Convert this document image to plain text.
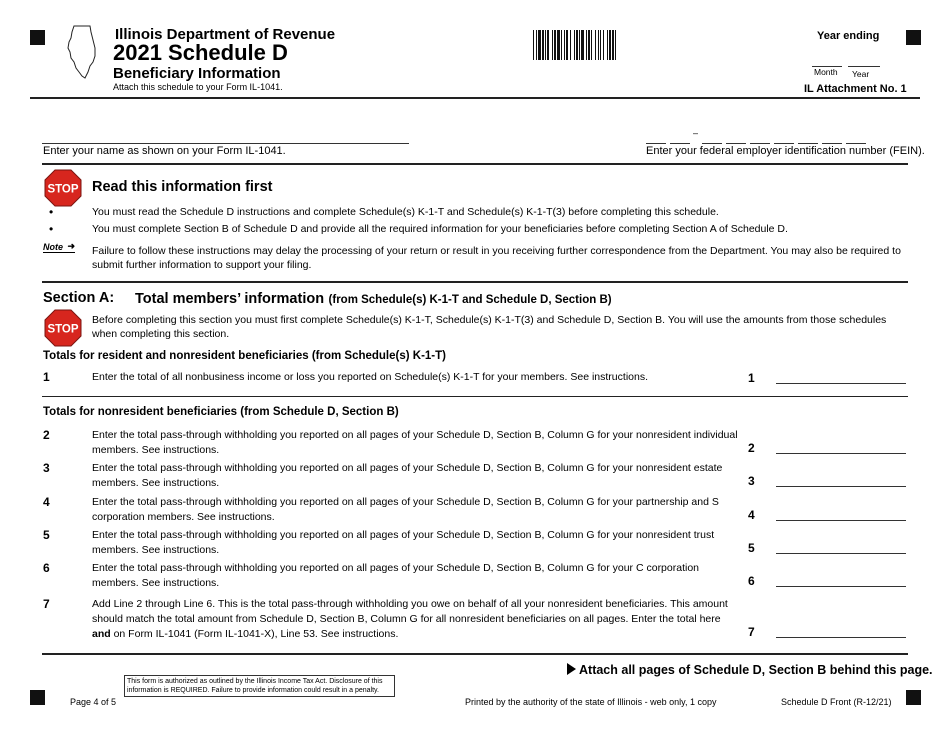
Illinois Department of Revenue
2021 Schedule D
Beneficiary Information
Attach this schedule to your Form IL-1041.
Year ending
Month Year
IL Attachment No. 1
Enter your name as shown on your Form IL-1041.
–
Enter your federal employer identification number (FEIN).
STOP Read this information first
•	You must read the Schedule D instructions and complete Schedule(s) K-1-T and Schedule(s) K-1-T(3) before completing this schedule.
•	You must complete Section B of Schedule D and provide all the required information for your beneficiaries before completing Section A of Schedule D.
Note ➜ Failure to follow these instructions may delay the processing of your return or result in you receiving further correspondence from the Department. You may also be required to submit further information to support your filing.
Section A: Total members’ information (from Schedule(s) K-1-T and Schedule D, Section B)
STOP
Before completing this section you must first complete Schedule(s) K-1-T, Schedule(s) K-1-T(3) and Schedule D, Section B. You will use the amounts from those schedules when completing this section.
Totals for resident and nonresident beneficiaries (from Schedule(s) K-1-T)
1	Enter the total of all nonbusiness income or loss you reported on Schedule(s) K-1-T for your members. See instructions.	1
Totals for nonresident beneficiaries (from Schedule D, Section B)
2	Enter the total pass-through withholding you reported on all pages of your Schedule D, Section B, Column G for your nonresident individual members. See instructions.	2
3	Enter the total pass-through withholding you reported on all pages of your Schedule D, Section B, Column G for your nonresident estate members. See instructions.	3
4	Enter the total pass-through withholding you reported on all pages of your Schedule D, Section B, Column G for your partnership and S corporation members. See instructions.	4
5	Enter the total pass-through withholding you reported on all pages of your Schedule D, Section B, Column G for your nonresident trust members. See instructions.	5
6	Enter the total pass-through withholding you reported on all pages of your Schedule D, Section B, Column G for your C corporation members. See instructions.	6
7	Add Line 2 through Line 6. This is the total pass-through withholding you owe on behalf of all your nonresident beneficiaries. This amount should match the total amount from Schedule D, Section B, Column G for all nonresident beneficiaries on all pages. Enter the total here and on Form IL-1041 (Form IL-1041-X), Line 53. See instructions.	7
Attach all pages of Schedule D, Section B behind this page.
This form is authorized as outlined by the Illinois Income Tax Act. Disclosure of this information is REQUIRED. Failure to provide information could result in a penalty.
Page 4 of 5	Printed by the authority of the state of Illinois - web only, 1 copy	Schedule D Front (R-12/21)
